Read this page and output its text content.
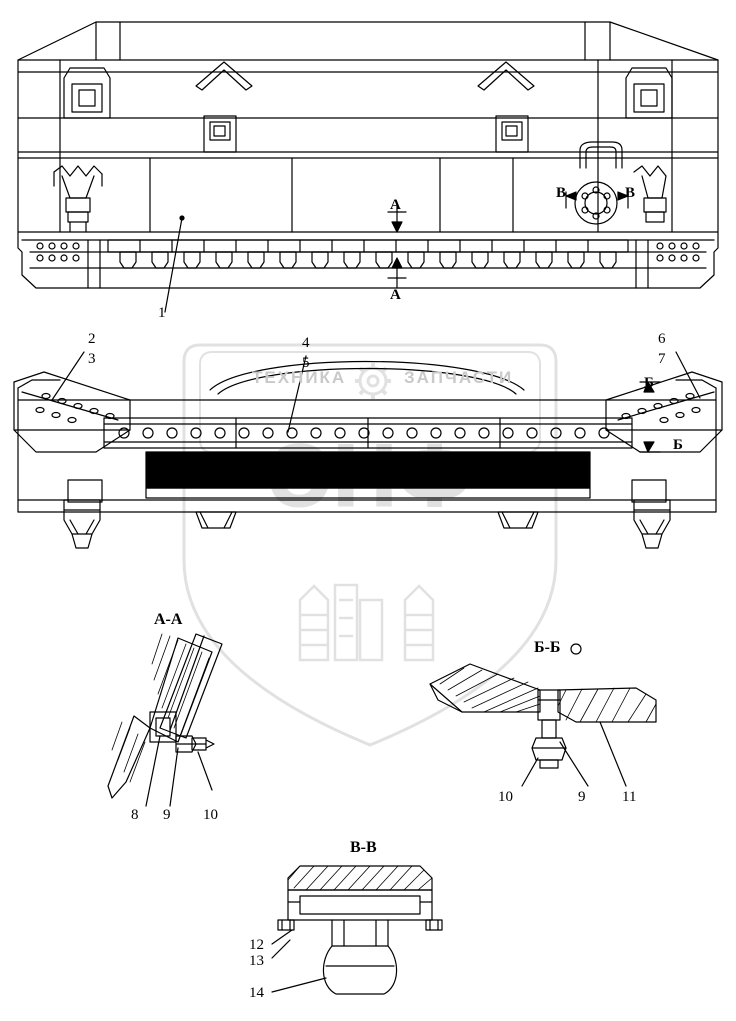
1
2
3
4
5
6
7
8 9 10
10	9 11
12
13
14
А
А
В	В
Б
Б
А-А
Б-Б
В-В
ТЕХНИКА	ЗАПЧАСТИ
